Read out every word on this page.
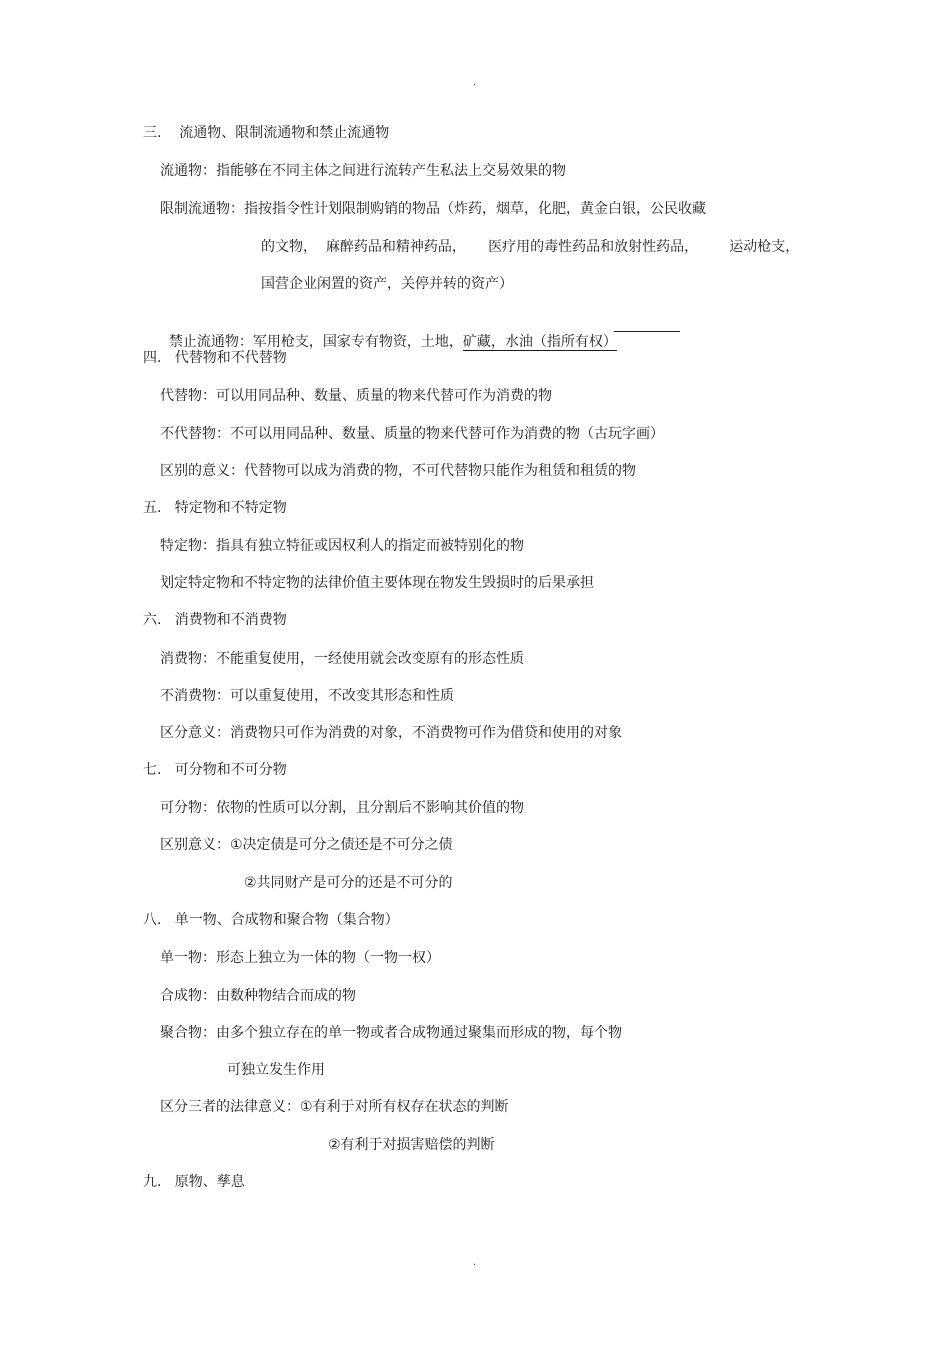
.
三.    流通物、限制流通物和禁止流通物
流通物：指能够在不同主体之间进行流转产生私法上交易效果的物
限制流通物：指按指令性计划限制购销的物品（炸药，烟草，化肥，黄金白银，公民收藏
的文物，  麻醉药品和精神药品，     医疗用的毒性药品和放射性药品，       运动枪支，
国营企业闲置的资产，关停并转的资产）

禁止流通物：军用枪支，国家专有物资，土地，矿藏，水油（指所有权）

四.   代替物和不代替物
代替物：可以用同品种、数量、质量的物来代替可作为消费的物
不代替物：不可以用同品种、数量、质量的物来代替可作为消费的物（古玩字画）
区别的意义：代替物可以成为消费的物，不可代替物只能作为租赁和租赁的物
五.   特定物和不特定物
特定物：指具有独立特征或因权利人的指定而被特别化的物
划定特定物和不特定物的法律价值主要体现在物发生毁损时的后果承担
六.   消费物和不消费物
消费物：不能重复使用，一经使用就会改变原有的形态性质
不消费物：可以重复使用，不改变其形态和性质
区分意义：消费物只可作为消费的对象，不消费物可作为借贷和使用的对象
七.   可分物和不可分物
可分物：依物的性质可以分割，且分割后不影响其价值的物
区别意义：①决定债是可分之债还是不可分之债
②共同财产是可分的还是不可分的
八.   单一物、合成物和聚合物（集合物）
单一物：形态上独立为一体的物（一物一权）
合成物：由数种物结合而成的物
聚合物：由多个独立存在的单一物或者合成物通过聚集而形成的物，每个物
可独立发生作用
区分三者的法律意义：①有利于对所有权存在状态的判断
②有利于对损害赔偿的判断
九.   原物、孳息
.
